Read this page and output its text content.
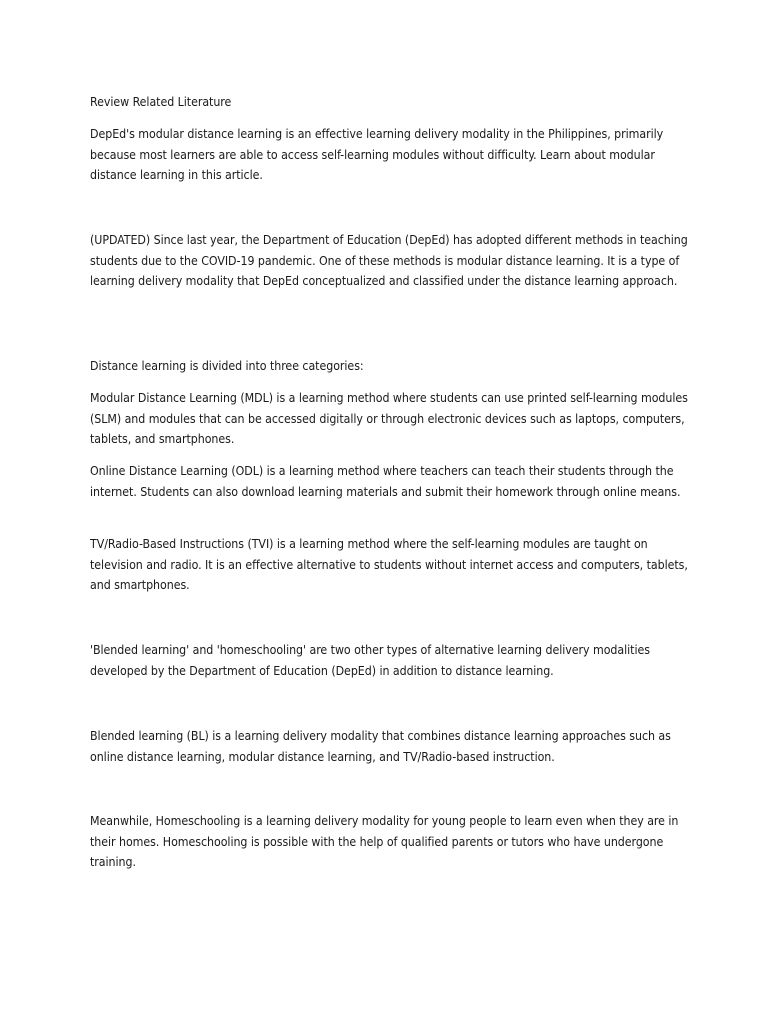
Review Related Literature

DepEd's modular distance learning is an effective learning delivery modality in the Philippines, primarily because most learners are able to access self-learning modules without difficulty. Learn about modular distance learning in this article.

(UPDATED) Since last year, the Department of Education (DepEd) has adopted different methods in teaching students due to the COVID-19 pandemic. One of these methods is modular distance learning. It is a type of learning delivery modality that DepEd conceptualized and classified under the distance learning approach.

Distance learning is divided into three categories:

Modular Distance Learning (MDL) is a learning method where students can use printed self-learning modules (SLM) and modules that can be accessed digitally or through electronic devices such as laptops, computers, tablets, and smartphones.

Online Distance Learning (ODL) is a learning method where teachers can teach their students through the internet. Students can also download learning materials and submit their homework through online means.

TV/Radio-Based Instructions (TVI) is a learning method where the self-learning modules are taught on television and radio. It is an effective alternative to students without internet access and computers, tablets, and smartphones.

'Blended learning' and 'homeschooling' are two other types of alternative learning delivery modalities developed by the Department of Education (DepEd) in addition to distance learning.

Blended learning (BL) is a learning delivery modality that combines distance learning approaches such as online distance learning, modular distance learning, and TV/Radio-based instruction.

Meanwhile, Homeschooling is a learning delivery modality for young people to learn even when they are in their homes. Homeschooling is possible with the help of qualified parents or tutors who have undergone training.
